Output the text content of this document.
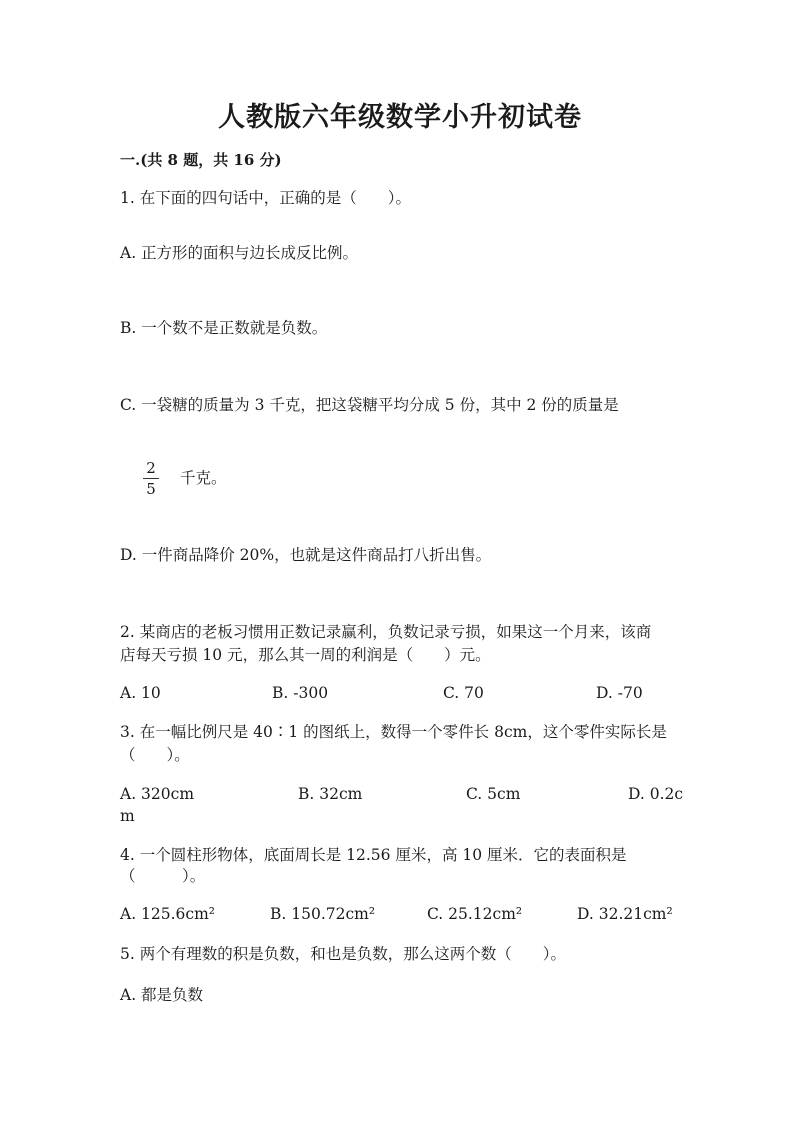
人教版六年级数学小升初试卷
一.(共 8 题，共 16 分)
1. 在下面的四句话中，正确的是（　　）。
A. 正方形的面积与边长成反比例。
B. 一个数不是正数就是负数。
C. 一袋糖的质量为 3 千克，把这袋糖平均分成 5 份，其中 2 份的质量是
$\frac{2}{5}$ 千克。
D. 一件商品降价 20%，也就是这件商品打八折出售。
2. 某商店的老板习惯用正数记录赢利，负数记录亏损，如果这一个月来，该商
店每天亏损 10 元，那么其一周的利润是（　　）元。
A. 10	B. -300	C. 70	D. -70
3. 在一幅比例尺是 40∶1 的图纸上，数得一个零件长 8cm，这个零件实际长是
（　　）。
A. 320cm	B. 32cm	C. 5cm	D. 0.2c
m
4. 一个圆柱形物体，底面周长是 12.56 厘米，高 10 厘米．它的表面积是
（　　　）。
A. 125.6cm²	B. 150.72cm²	C. 25.12cm²	D. 32.21cm²
5. 两个有理数的积是负数，和也是负数，那么这两个数（　　）。
A. 都是负数
